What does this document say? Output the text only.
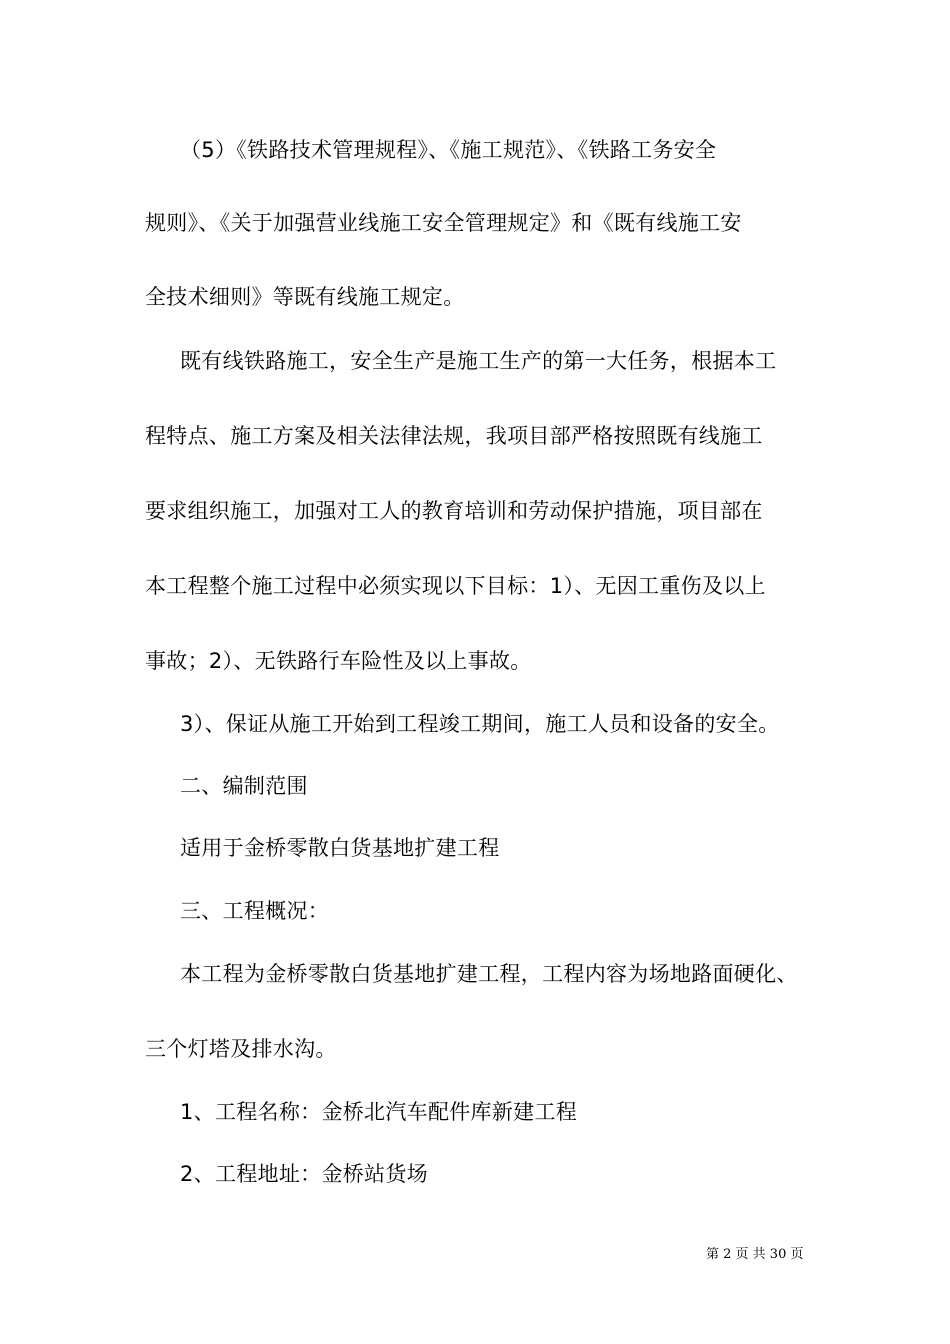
（5）《铁路技术管理规程》、《施工规范》、《铁路工务安全
规则》、《关于加强营业线施工安全管理规定》和《既有线施工安
全技术细则》等既有线施工规定。
既有线铁路施工，安全生产是施工生产的第一大任务，根据本工
程特点、施工方案及相关法律法规，我项目部严格按照既有线施工
要求组织施工，加强对工人的教育培训和劳动保护措施，项目部在
本工程整个施工过程中必须实现以下目标：1）、无因工重伤及以上
事故；2）、无铁路行车险性及以上事故。
3）、保证从施工开始到工程竣工期间，施工人员和设备的安全。
二、编制范围
适用于金桥零散白货基地扩建工程
三、工程概况：
本工程为金桥零散白货基地扩建工程，工程内容为场地路面硬化、
三个灯塔及排水沟。
1、工程名称：金桥北汽车配件库新建工程
2、工程地址：金桥站货场
第 2 页 共 30 页
